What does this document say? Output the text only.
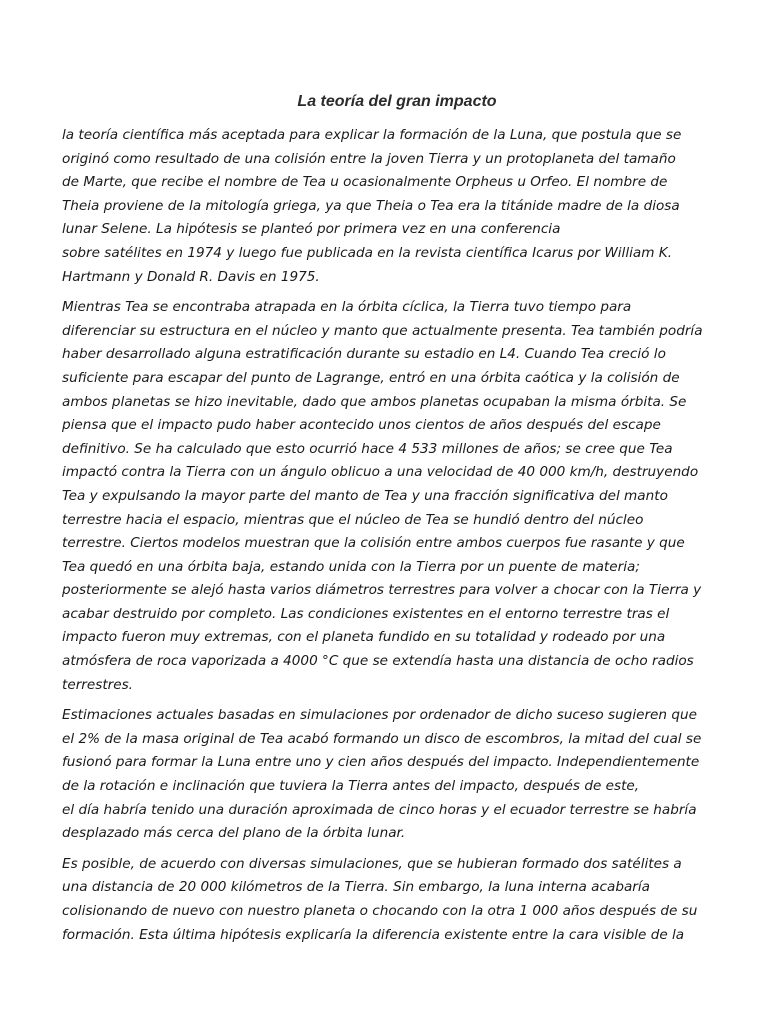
La teoría del gran impacto

la teoría científica más aceptada para explicar la formación de la Luna, que postula que se
originó como resultado de una colisión entre la joven Tierra y un protoplaneta del tamaño
de Marte, que recibe el nombre de Tea u ocasionalmente Orpheus u Orfeo. El nombre de
Theia proviene de la mitología griega, ya que Theia o Tea era la titánide madre de la diosa
lunar Selene. La hipótesis se planteó por primera vez en una conferencia
sobre satélites en 1974 y luego fue publicada en la revista científica Icarus por William K.
Hartmann y Donald R. Davis en 1975.

Mientras Tea se encontraba atrapada en la órbita cíclica, la Tierra tuvo tiempo para
diferenciar su estructura en el núcleo y manto que actualmente presenta. Tea también podría
haber desarrollado alguna estratificación durante su estadio en L4. Cuando Tea creció lo
suficiente para escapar del punto de Lagrange, entró en una órbita caótica y la colisión de
ambos planetas se hizo inevitable, dado que ambos planetas ocupaban la misma órbita. Se
piensa que el impacto pudo haber acontecido unos cientos de años después del escape
definitivo. Se ha calculado que esto ocurrió hace 4 533 millones de años; se cree que Tea
impactó contra la Tierra con un ángulo oblicuo a una velocidad de 40 000 km/h, destruyendo
Tea y expulsando la mayor parte del manto de Tea y una fracción significativa del manto
terrestre hacia el espacio, mientras que el núcleo de Tea se hundió dentro del núcleo
terrestre. Ciertos modelos muestran que la colisión entre ambos cuerpos fue rasante y que
Tea quedó en una órbita baja, estando unida con la Tierra por un puente de materia;
posteriormente se alejó hasta varios diámetros terrestres para volver a chocar con la Tierra y
acabar destruido por completo. Las condiciones existentes en el entorno terrestre tras el
impacto fueron muy extremas, con el planeta fundido en su totalidad y rodeado por una
atmósfera de roca vaporizada a 4000 °C que se extendía hasta una distancia de ocho radios
terrestres.

Estimaciones actuales basadas en simulaciones por ordenador de dicho suceso sugieren que
el 2% de la masa original de Tea acabó formando un disco de escombros, la mitad del cual se
fusionó para formar la Luna entre uno y cien años después del impacto. Independientemente
de la rotación e inclinación que tuviera la Tierra antes del impacto, después de este,
el día habría tenido una duración aproximada de cinco horas y el ecuador terrestre se habría
desplazado más cerca del plano de la órbita lunar.

Es posible, de acuerdo con diversas simulaciones, que se hubieran formado dos satélites a
una distancia de 20 000 kilómetros de la Tierra. Sin embargo, la luna interna acabaría
colisionando de nuevo con nuestro planeta o chocando con la otra 1 000 años después de su
formación. Esta última hipótesis explicaría la diferencia existente entre la cara visible de la
